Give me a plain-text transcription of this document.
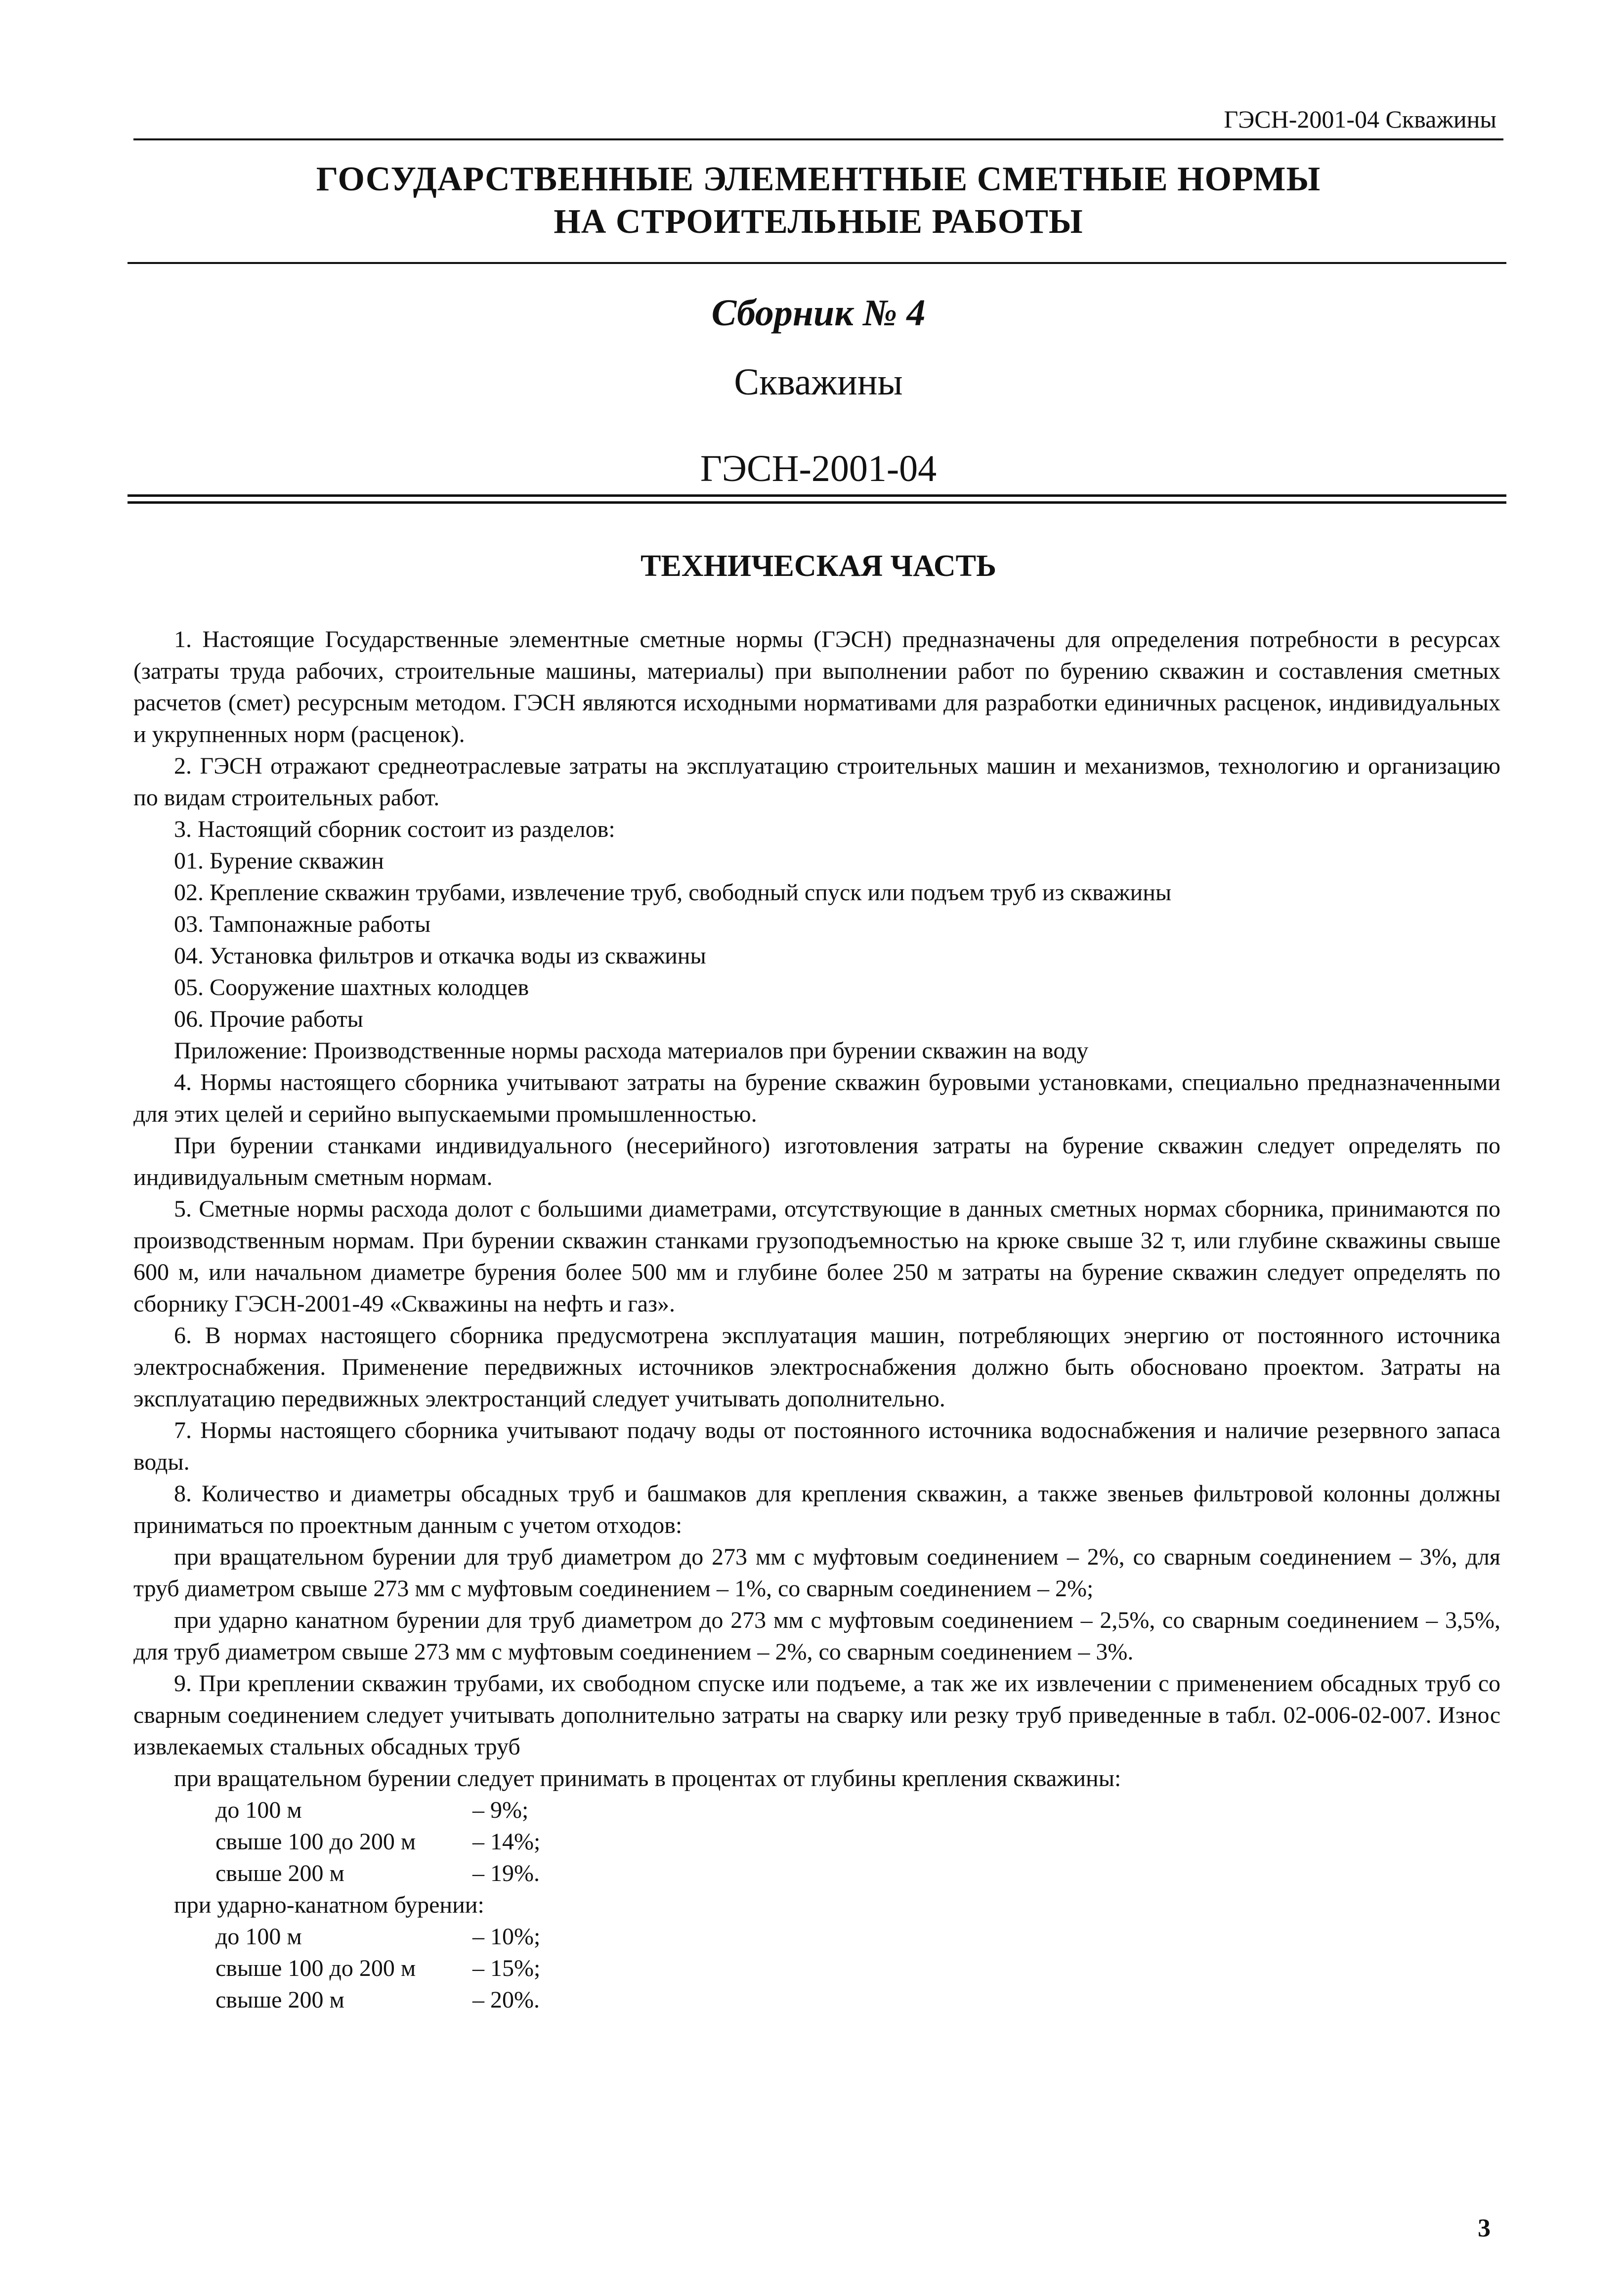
ГЭСН-2001-04 Скважины
ГОСУДАРСТВЕННЫЕ ЭЛЕМЕНТНЫЕ СМЕТНЫЕ НОРМЫ
НА СТРОИТЕЛЬНЫЕ РАБОТЫ
Сборник № 4
Скважины
ГЭСН-2001-04
ТЕХНИЧЕСКАЯ ЧАСТЬ

1. Настоящие Государственные элементные сметные нормы (ГЭСН) предназначены для определения потребности в ресурсах (затраты труда рабочих, строительные машины, материалы) при выполнении работ по бурению скважин и составления сметных расчетов (смет) ресурсным методом. ГЭСН являются исходными нормативами для разработки единичных расценок, индивидуальных и укрупненных норм (расценок).

2. ГЭСН отражают среднеотраслевые затраты на эксплуатацию строительных машин и механизмов, технологию и организацию по видам строительных работ.

3. Настоящий сборник состоит из разделов:

01. Бурение скважин

02. Крепление скважин трубами, извлечение труб, свободный спуск или подъем труб из скважины

03. Тампонажные работы

04. Установка фильтров и откачка воды из скважины

05. Сооружение шахтных колодцев

06. Прочие работы

Приложение: Производственные нормы расхода материалов при бурении скважин на воду

4. Нормы настоящего сборника учитывают затраты на бурение скважин буровыми установками, специально предназначенными для этих целей и серийно выпускаемыми промышленностью.

При бурении станками индивидуального (несерийного) изготовления затраты на бурение скважин следует определять по индивидуальным сметным нормам.

5. Сметные нормы расхода долот с большими диаметрами, отсутствующие в данных сметных нормах сборника, принимаются по производственным нормам. При бурении скважин станками грузоподъемностью на крюке свыше 32 т, или глубине скважины свыше 600 м, или начальном диаметре бурения более 500 мм и глубине более 250 м затраты на бурение скважин следует определять по сборнику ГЭСН-2001-49 «Скважины на нефть и газ».

6. В нормах настоящего сборника предусмотрена эксплуатация машин, потребляющих энергию от постоянного источника электроснабжения. Применение передвижных источников электроснабжения должно быть обосновано проектом. Затраты на эксплуатацию передвижных электростанций следует учитывать дополнительно.

7. Нормы настоящего сборника учитывают подачу воды от постоянного источника водоснабжения и наличие резервного запаса воды.

8. Количество и диаметры обсадных труб и башмаков для крепления скважин, а также звеньев фильтровой колонны должны приниматься по проектным данным с учетом отходов:

при вращательном бурении для труб диаметром до 273 мм с муфтовым соединением – 2%, со сварным соединением – 3%, для труб диаметром свыше 273 мм с муфтовым соединением – 1%, со сварным соединением – 2%;

при ударно канатном бурении для труб диаметром до 273 мм с муфтовым соединением – 2,5%, со сварным соединением – 3,5%, для труб диаметром свыше 273 мм с муфтовым соединением – 2%, со сварным соединением – 3%.

9. При креплении скважин трубами, их свободном спуске или подъеме, а так же их извлечении с применением обсадных труб со сварным соединением следует учитывать дополнительно затраты на сварку или резку труб приведенные в табл. 02-006-02-007. Износ извлекаемых стальных обсадных труб

при вращательном бурении следует принимать в процентах от глубины крепления скважины:

до 100 м	– 9%;
свыше 100 до 200 м	– 14%;
свыше 200 м	– 19%.

при ударно-канатном бурении:

до 100 м	– 10%;
свыше 100 до 200 м	– 15%;
свыше 200 м	– 20%.
3
